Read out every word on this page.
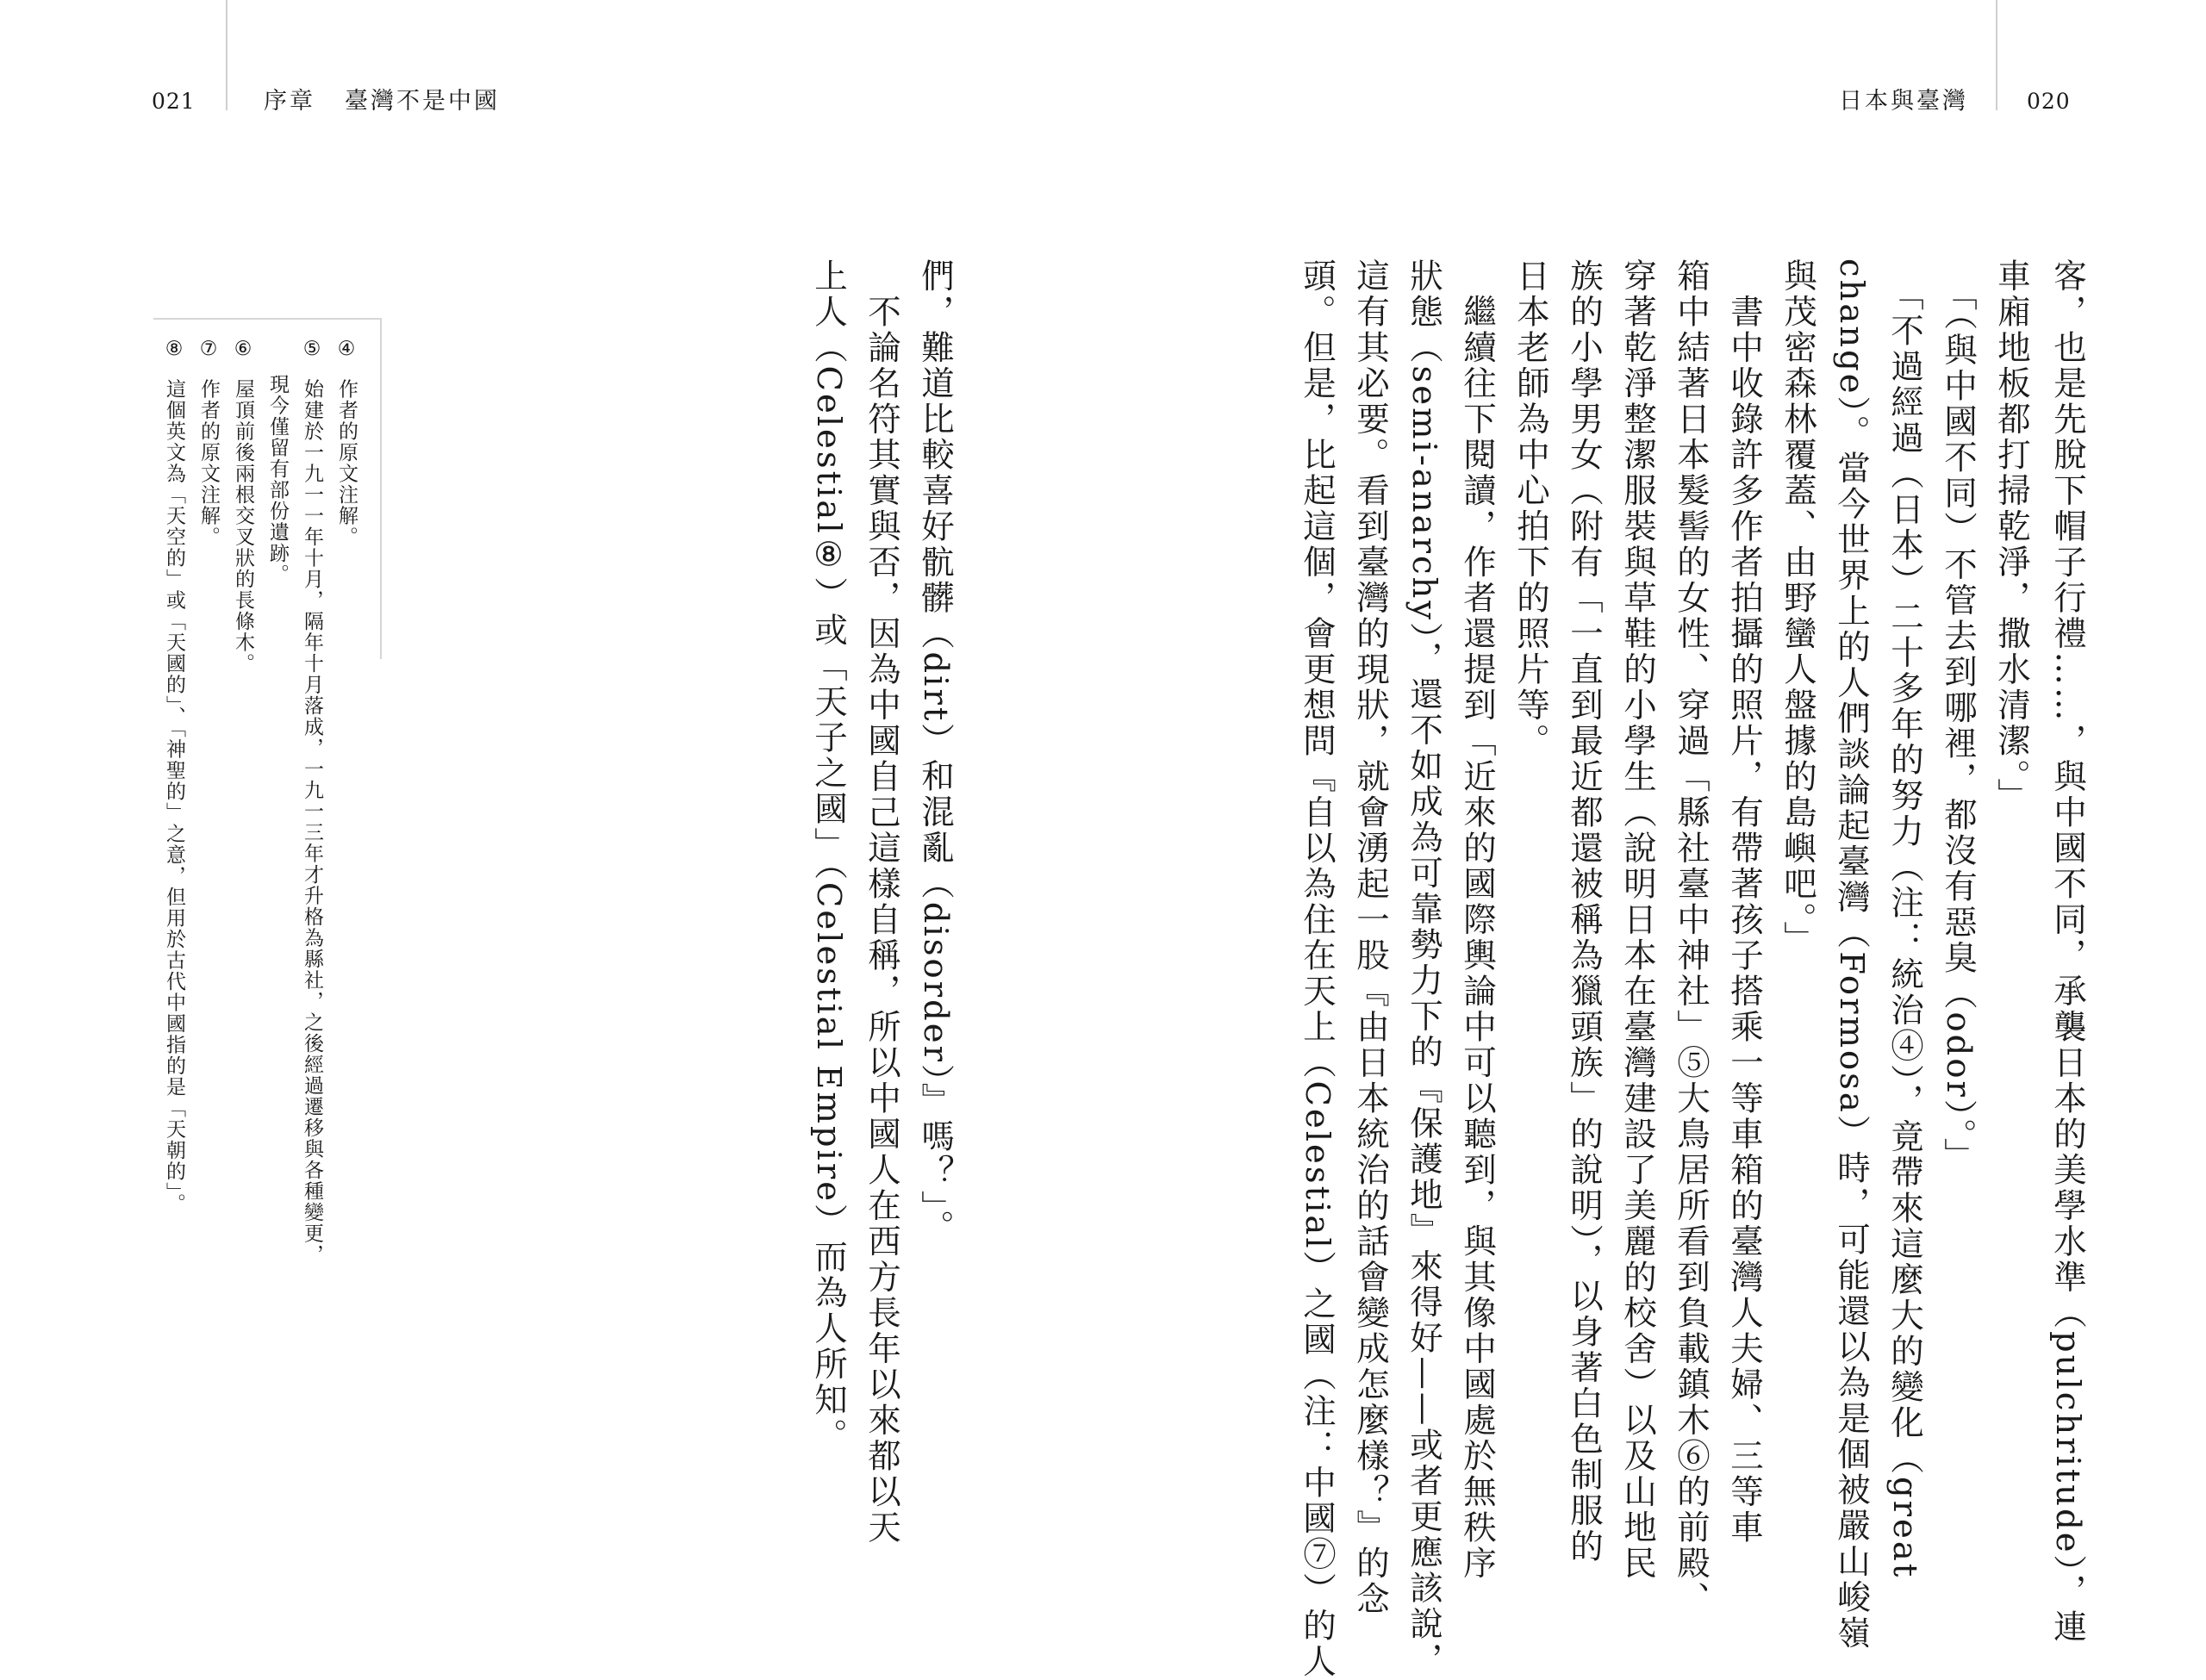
021	序章 臺灣不是中國	日本與臺灣	020
客，也是先脫下帽子行禮……，與中國不同，承襲日本的美學水準（pulchritude），連
車廂地板都打掃乾淨，撒水清潔。」
　「（與中國不同）不管去到哪裡，都沒有惡臭（odor）。」
　「不過經過（日本）二十多年的努力（注：統治④），竟帶來這麼大的變化（great
change）。當今世界上的人們談論起臺灣（Formosa）時，可能還以為是個被嚴山峻嶺
與茂密森林覆蓋、由野蠻人盤據的島嶼吧。」
　書中收錄許多作者拍攝的照片，有帶著孩子搭乘一等車箱的臺灣人夫婦、三等車
箱中結著日本髮髻的女性、穿過「縣社臺中神社」⑤大鳥居所看到負載鎮木⑥的前殿、
穿著乾淨整潔服裝與草鞋的小學生（說明日本在臺灣建設了美麗的校舍）以及山地民
族的小學男女（附有「一直到最近都還被稱為獵頭族」的說明），以身著白色制服的
日本老師為中心拍下的照片等。
　繼續往下閱讀，作者還提到「近來的國際輿論中可以聽到，與其像中國處於無秩序
狀態（semi-anarchy），還不如成為可靠勢力下的『保護地』來得好——或者更應該說，
這有其必要。看到臺灣的現狀，就會湧起一股『由日本統治的話會變成怎麼樣？』的念
頭。但是，比起這個，會更想問『自以為住在天上（Celestial）之國（注：中國⑦）的人
們，難道比較喜好骯髒（dirt）和混亂（disorder）』嗎？」。
　不論名符其實與否，因為中國自己這樣自稱，所以中國人在西方長年以來都以天
上人（Celestial⑧）或「天子之國」（Celestial Empire）而為人所知。
④作者的原文注解。
⑤始建於一九一一年十月，隔年十月落成，一九一三年才升格為縣社，之後經過遷移與各種變更，
現今僅留有部份遺跡。
⑥屋頂前後兩根交叉狀的長條木。
⑦作者的原文注解。
⑧這個英文為「天空的」或「天國的」、「神聖的」之意，但用於古代中國指的是「天朝的」。
